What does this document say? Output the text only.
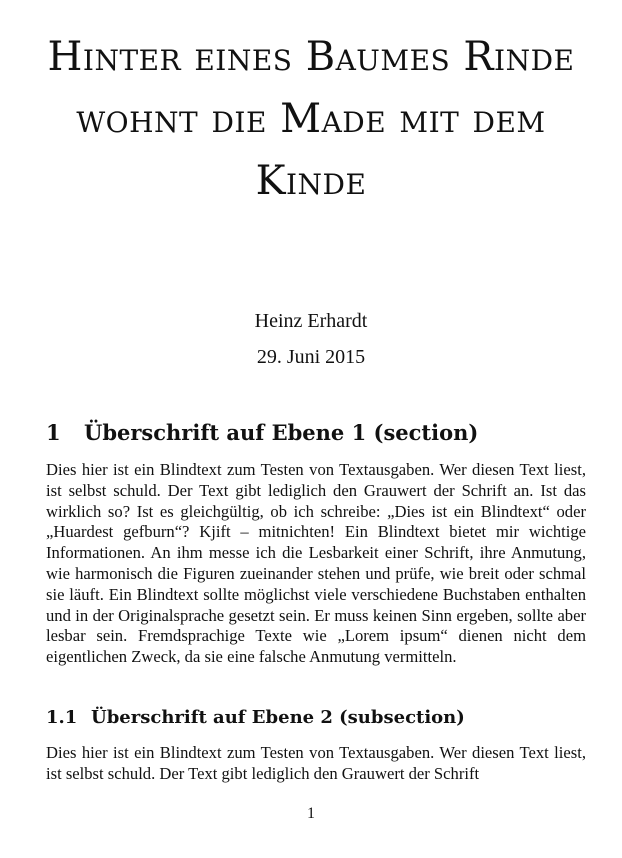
Hinter eines Baumes Rinde wohnt die Made mit dem Kinde
Heinz Erhardt
29. Juni 2015
1 Überschrift auf Ebene 1 (section)

Dies hier ist ein Blindtext zum Testen von Textausgaben. Wer diesen Text liest, ist selbst schuld. Der Text gibt lediglich den Grauwert der Schrift an. Ist das wirklich so? Ist es gleichgültig, ob ich schreibe: „Dies ist ein Blindtext“ oder „Huardest gefburn“? Kjift – mitnichten! Ein Blindtext bietet mir wichtige Informationen. An ihm messe ich die Lesbarkeit einer Schrift, ihre Anmutung, wie harmonisch die Figuren zueinander stehen und prüfe, wie breit oder schmal sie läuft. Ein Blindtext sollte möglichst viele verschiedene Buchstaben enthalten und in der Originalsprache gesetzt sein. Er muss keinen Sinn ergeben, sollte aber lesbar sein. Fremdsprachige Texte wie „Lorem ipsum“ dienen nicht dem eigentlichen Zweck, da sie eine falsche Anmutung vermitteln.

1.1 Überschrift auf Ebene 2 (subsection)

Dies hier ist ein Blindtext zum Testen von Textausgaben. Wer diesen Text liest, ist selbst schuld. Der Text gibt lediglich den Grauwert der Schrift

1
